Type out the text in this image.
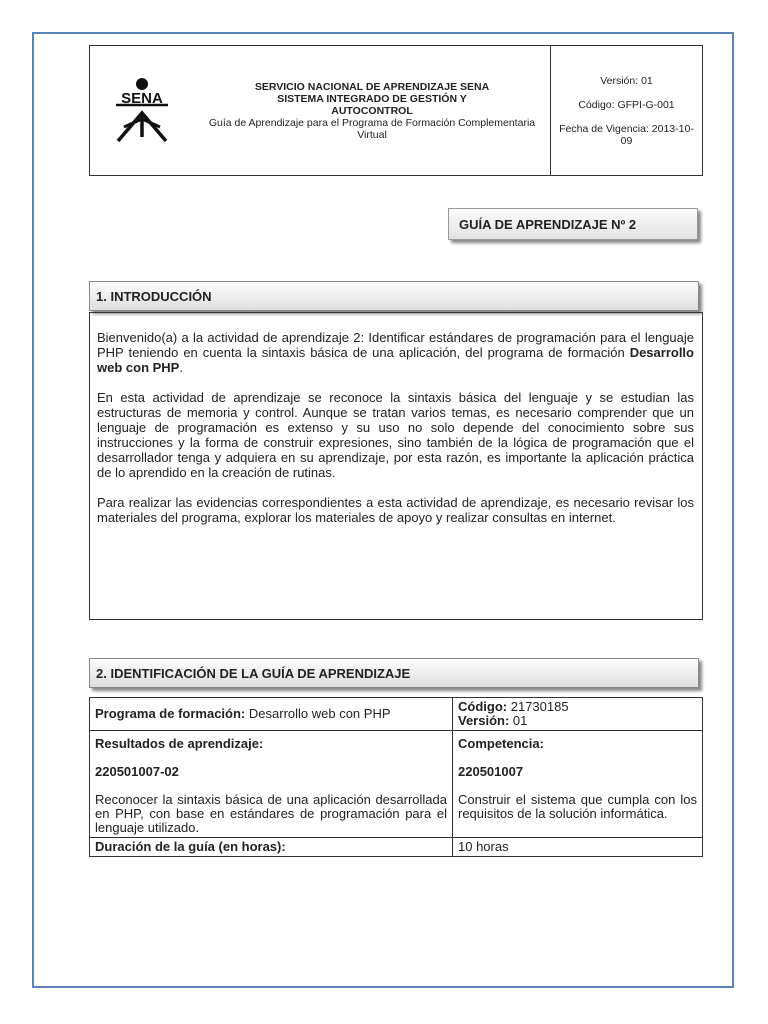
SENA
SERVICIO NACIONAL DE APRENDIZAJE SENA
SISTEMA INTEGRADO DE GESTIÓN Y
AUTOCONTROL
Guía de Aprendizaje para el Programa de Formación Complementaria Virtual
Versión: 01
Código: GFPI-G-001
Fecha de Vigencia: 2013-10-09
GUÍA DE APRENDIZAJE Nº 2
1. INTRODUCCIÓN

Bienvenido(a) a la actividad de aprendizaje 2: Identificar estándares de programación para el lenguaje PHP teniendo en cuenta la sintaxis básica de una aplicación, del programa de formación Desarrollo web con PHP.

En esta actividad de aprendizaje se reconoce la sintaxis básica del lenguaje y se estudian las estructuras de memoria y control. Aunque se tratan varios temas, es necesario comprender que un lenguaje de programación es extenso y su uso no solo depende del conocimiento sobre sus instrucciones y la forma de construir expresiones, sino también de la lógica de programación que el desarrollador tenga y adquiera en su aprendizaje, por esta razón, es importante la aplicación práctica de lo aprendido en la creación de rutinas.

Para realizar las evidencias correspondientes a esta actividad de aprendizaje, es necesario revisar los materiales del programa, explorar los materiales de apoyo y realizar consultas en internet.

2. IDENTIFICACIÓN DE LA GUÍA DE APRENDIZAJE
Programa de formación: Desarrollo web con PHP	Código: 21730185
Versión: 01

Resultados de aprendizaje:	Competencia:
220501007-02	220501007
Reconocer la sintaxis básica de una aplicación desarrollada en PHP, con base en estándares de programación para el lenguaje utilizado.	Construir el sistema que cumpla con los requisitos de la solución informática.
Duración de la guía (en horas):	10 horas
